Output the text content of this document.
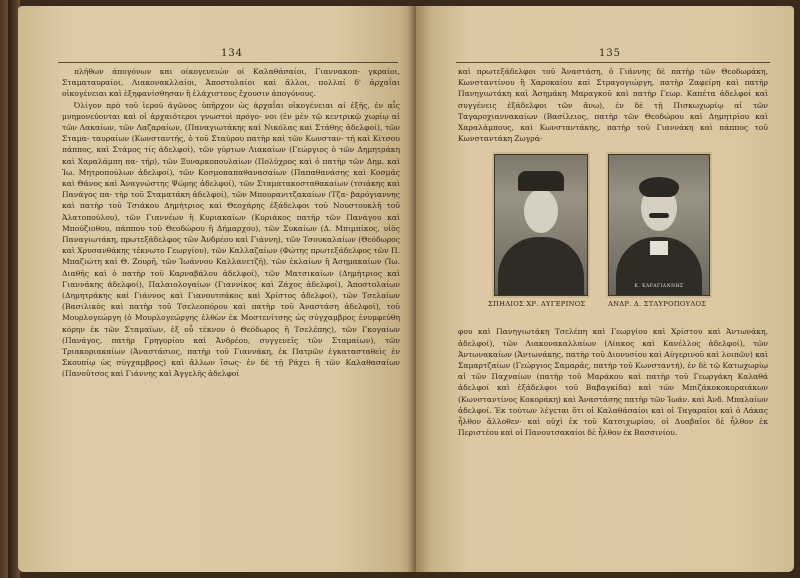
134

πλήθων άπογόνων και οίκογενειών οί Καλαθάσαίοι, Γιαννακοπ- γκραίοι, Σταματαυραίοι, Λιακονακλλαίοι, Ἀποστολαίοι καὶ ἄλλοι, πολλαί δ' ἀρχαΐαι οἰκογένειαι καὶ ἐξηφανίσθησαν ἢ ἐλάχιστους ἔχουσιν ἀπογόνους.

Ὀλίγον πρὸ τοῦ ἱεροῦ ἀγῶνος ὑπῆρχον ὡς ἀρχαΐαι οἰκογένειαι αἱ ἑξῆς, ἐν αἷς μνημονεύονται καὶ οἱ ἀρχαιότεροι γνωστοὶ πρόγο- νοι (ἐν μὲν τῷ κεντρικῷ χωρίῳ αἱ τῶν Λακαίων, τῶν Λαζαραίων, (Παναγιωτάκης καὶ Νικόλας καὶ Στάθης ἀδελφοί), τῶν Σταμα- ταυραίων (Κωνσταντής, ὁ τοῦ Σταύρου πατὴρ καὶ τῶν Κωνσταν- τή καὶ Κίτσου πάππος, καὶ Στάμος τίς ἀδελφοί), τῶν γύρτων Λιακαίων (Γεώργιος ὁ τῶν Δημητράκη καὶ Χαραλάμπη πα- τήρ), τῶν Ξυναρκοπουλαίων (Πολύχρος καὶ ὁ πατὴρ τῶν Δημ. καὶ Ἰω. Μητροπούλων ἀδελφοί), τῶν Κοσμοπαπαθανασαίων (Παπαθανάσης καὶ Κοσμάς καὶ Θάνος καὶ Ἀναγνώστης Ψώρης ἀδελφοί), τῶν Σταματακοσταθακαίων (τσιάκης καὶ Πανάγος πα- τὴρ τοῦ Σταματάκη ἀδελφοί), τῶν Μπουρανιτζακαίων (Τζα- βαρόγιαννης καὶ πατὴρ τοῦ Τσιάκου Δημήτριος καὶ Θεοχάρης ἐξάδελφοι τοῦ Νουστουκλῆ τοῦ Ἀλατοπούλου), τῶν Γιαννέων ἢ Κυριακαίων (Κυριάκος πατὴρ τῶν Πανάγου καὶ Μπούζιοθου, πάππου τοῦ Θεοδώρου ἢ Δήμαρχου), τῶν Συκαίων (Δ. Μπιμπίκος, υἱὸς Παναγιωτάκη, πρωτεξάδελφος τῶν Ἀνδρέου καὶ Γιάννη), τῶν Τσουκαλαίων (Θεόδωρος καὶ Χρυσανθάκης τέκνωτο Γεωργίου), τῶν Καλλαζαίων (Φώτης πρωτεξάδελφος τῶν Π. Μπαζιώτη καὶ Θ. Ζουρῆ, τῶν Ἰωάννου Καλλανετζῆ), τῶν ἐκλαίων ἢ Ἀσημακαίων (Ἰω. Διαθῆς καὶ ὁ πατὴρ τοῦ Καρναβάλου ἀδελφοί), τῶν Ματσικαίων (Δημήτριος καὶ Γιαννάκης ἀδελφοί), Παλαιολογαίων (Γιαννίκος καὶ Ζάχος ἀδελφοί), Ἀποστολαίων (Δημητράκης καὶ Γιάννος καὶ Γιανουτσάκος καὶ Χρίστος ἀδελφοί), τῶν Τσελαίων (Βασιλικὸς καὶ πατὴρ τοῦ Τσελεοπόρου καὶ πατὴρ τοῦ Ἀναστάση ἀδελφοί), τοῦ Μουρλογεώργη (ὁ Μουρλογεώργης ἐλθὼν ἐκ Μοστενίτσης ὡς σύγχαμβρος ἐνυμφεύθη κόρην ἐκ τῶν Σταμαίων, ἐξ οὗ τέκνον ὁ Θεόδωρος ἢ Τσελέπης), τῶν Γκογαίων (Πανάγος, πατὴρ Γρηγορίου καὶ Ἀνδρέου, συγγενεῖς τῶν Σταμαίων), τῶν Τριακοριακαίων (Ἀναστάσιος, πατὴρ τοῦ Γιαννάκη, ἐκ Πατρῶν ἐγκατασταθεὶς ἐν Σκουπίῳ ὡς σύγχαμβρος) καὶ ἄλλων ἴσως· ἐν δὲ τῇ Ράχει ἢ τῶν Καλαθασαίων (Πανοῦτσος καὶ Γιάννης καὶ Ἀγγελῆς ἀδελφοί

135

καὶ πρωτεξάδελφοι τοῦ Ἀναστάση, ὁ Γιάννης δὲ πατὴρ τῶν Θεοδωράκη, Κωνσταντίνου ἢ Χαροκαίου καὶ Στραγογιώργη, πατὴρ Ζαφείρη καὶ πατὴρ Πανηγιωτάκη καὶ Ἀσημάκη Μαραγκοῦ καὶ πατὴρ Γεωρ. Καπέτα ἀδελφοί καὶ συγγένεις ἐξάδελφοι τῶν ἄνω), ἐν δὲ τῇ Πισκωχωρίῳ αἱ τῶν Ταγαροχιαννακαίων (Βασίλειος, πατὴρ τῶν Θεοδώρου καὶ Δημητρίου καὶ Χαραλάμπους, καὶ Κωνσταντάκης, πατὴρ τοῦ Γιαννάκη καὶ πάππος τοῦ Κωνσταντάκη Ζωγρά-

Κ. ΚΑΡΑΓΙΑΝΝΗΣ
ΣΠΗΛΙΟΣ ΧΡ. ΑΥΓΕΡΙΝΟΣ	ΑΝΔΡ. Δ. ΣΤΑΥΡΟΠΟΥΛΟΣ

φου καὶ Πανηγιωτάκη Τσελέπη καὶ Γεωργίου καὶ Χρίστου καὶ Ἀντωνάκη, ἀδελφοί), τῶν Λιακονακαλλαίων (Λίακος καὶ Κανέλλος ἀδελφοί), τῶν Ἀντωνακαίων (Ἀντωνάκης, πατὴρ τοῦ Διονυσίου καὶ Αὐγερινοῦ καὶ λοιπῶν) καὶ Σαμαρτζαίων (Γεώργιος Σαμαρᾶς, πατὴρ τοῦ Κωνσταντή), ἐν δὲ τῷ Κατωχωρίῳ αἱ τῶν Παχναίων (πατὴρ τοῦ Μαράκου καὶ πατὴρ τοῦ Γεωργάκη Καλαθά ἀδελφοί καὶ ἐξάδελφοι τοῦ Βαβαγκίδα) καὶ τῶν Μπιζάκοκοκοραιάκων (Κωνσταντίνος Κοκοράκη) καὶ Ἀναστάσης πατὴρ τῶν Ἰωάν. καὶ Ἀνδ. Μπαλαίων ἀδελφοί. Ἐκ τούτων λέγεται ὅτι οἱ Καλαθάσαίοι καὶ οἱ Ταγαραίοι καὶ ὁ Λάκας ἦλθον ἄλλοθεν· καὶ οὐχὶ ἐκ τοῦ Κατσιχωρίου, οἱ Δυαβαῖοι δὲ ἦλθον ἐκ Περιστέου καὶ οἱ Πανουτσακαίοι δὲ ἦλθον ἐκ Βασσινίου.
